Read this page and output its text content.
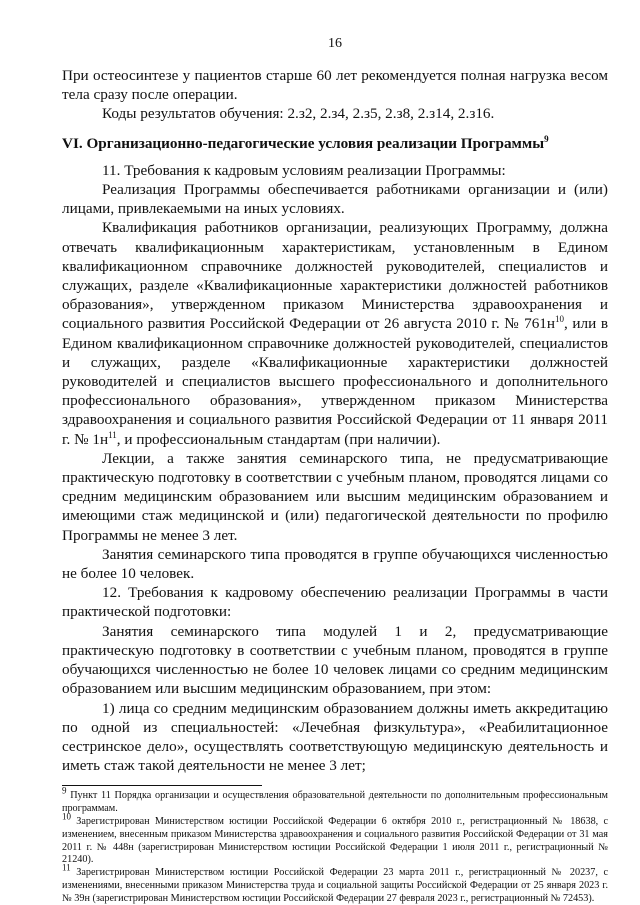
16

При остеосинтезе у пациентов старше 60 лет рекомендуется полная нагрузка весом тела сразу после операции.

Коды результатов обучения: 2.з2, 2.з4, 2.з5, 2.з8, 2.з14, 2.з16.

VI. Организационно-педагогические условия реализации Программы$^9$

11. Требования к кадровым условиям реализации Программы:

Реализация Программы обеспечивается работниками организации и (или) лицами, привлекаемыми на иных условиях.

Квалификация работников организации, реализующих Программу, должна отвечать квалификационным характеристикам, установленным в Едином квалификационном справочнике должностей руководителей, специалистов и служащих, разделе «Квалификационные характеристики должностей работников образования», утвержденном приказом Министерства здравоохранения и социального развития Российской Федерации от 26 августа 2010 г. № $761н^{10}$, или в Едином квалификационном справочнике должностей руководителей, специалистов и служащих, разделе «Квалификационные характеристики должностей руководителей и специалистов высшего профессионального и дополнительного профессионального образования», утвержденном приказом Министерства здравоохранения и социального развития Российской Федерации от 11 января 2011 г. № $1н^{11}$, и профессиональным стандартам (при наличии).

Лекции, а также занятия семинарского типа, не предусматривающие практическую подготовку в соответствии с учебным планом, проводятся лицами со средним медицинским образованием или высшим медицинским образованием и имеющими стаж медицинской и (или) педагогической деятельности по профилю Программы не менее 3 лет.

Занятия семинарского типа проводятся в группе обучающихся численностью не более 10 человек.

12. Требования к кадровому обеспечению реализации Программы в части практической подготовки:

Занятия семинарского типа модулей 1 и 2, предусматривающие практическую подготовку в соответствии с учебным планом, проводятся в группе обучающихся численностью не более 10 человек лицами со средним медицинским образованием или высшим медицинским образованием, при этом:

1) лица со средним медицинским образованием должны иметь аккредитацию по одной из специальностей: «Лечебная физкультура», «Реабилитационное сестринское дело», осуществлять соответствующую медицинскую деятельность и иметь стаж такой деятельности не менее 3 лет;

$^9$ Пункт 11 Порядка организации и осуществления образовательной деятельности по дополнительным профессиональным программам.

$^{10}$ Зарегистрирован Министерством юстиции Российской Федерации 6 октября 2010 г., регистрационный № 18638, с изменением, внесенным приказом Министерства здравоохранения и социального развития Российской Федерации от 31 мая 2011 г. № 448н (зарегистрирован Министерством юстиции Российской Федерации 1 июля 2011 г., регистрационный № 21240).

$^{11}$ Зарегистрирован Министерством юстиции Российской Федерации 23 марта 2011 г., регистрационный № 20237, с изменениями, внесенными приказом Министерства труда и социальной защиты Российской Федерации от 25 января 2023 г. № 39н (зарегистрирован Министерством юстиции Российской Федерации 27 февраля 2023 г., регистрационный № 72453).
